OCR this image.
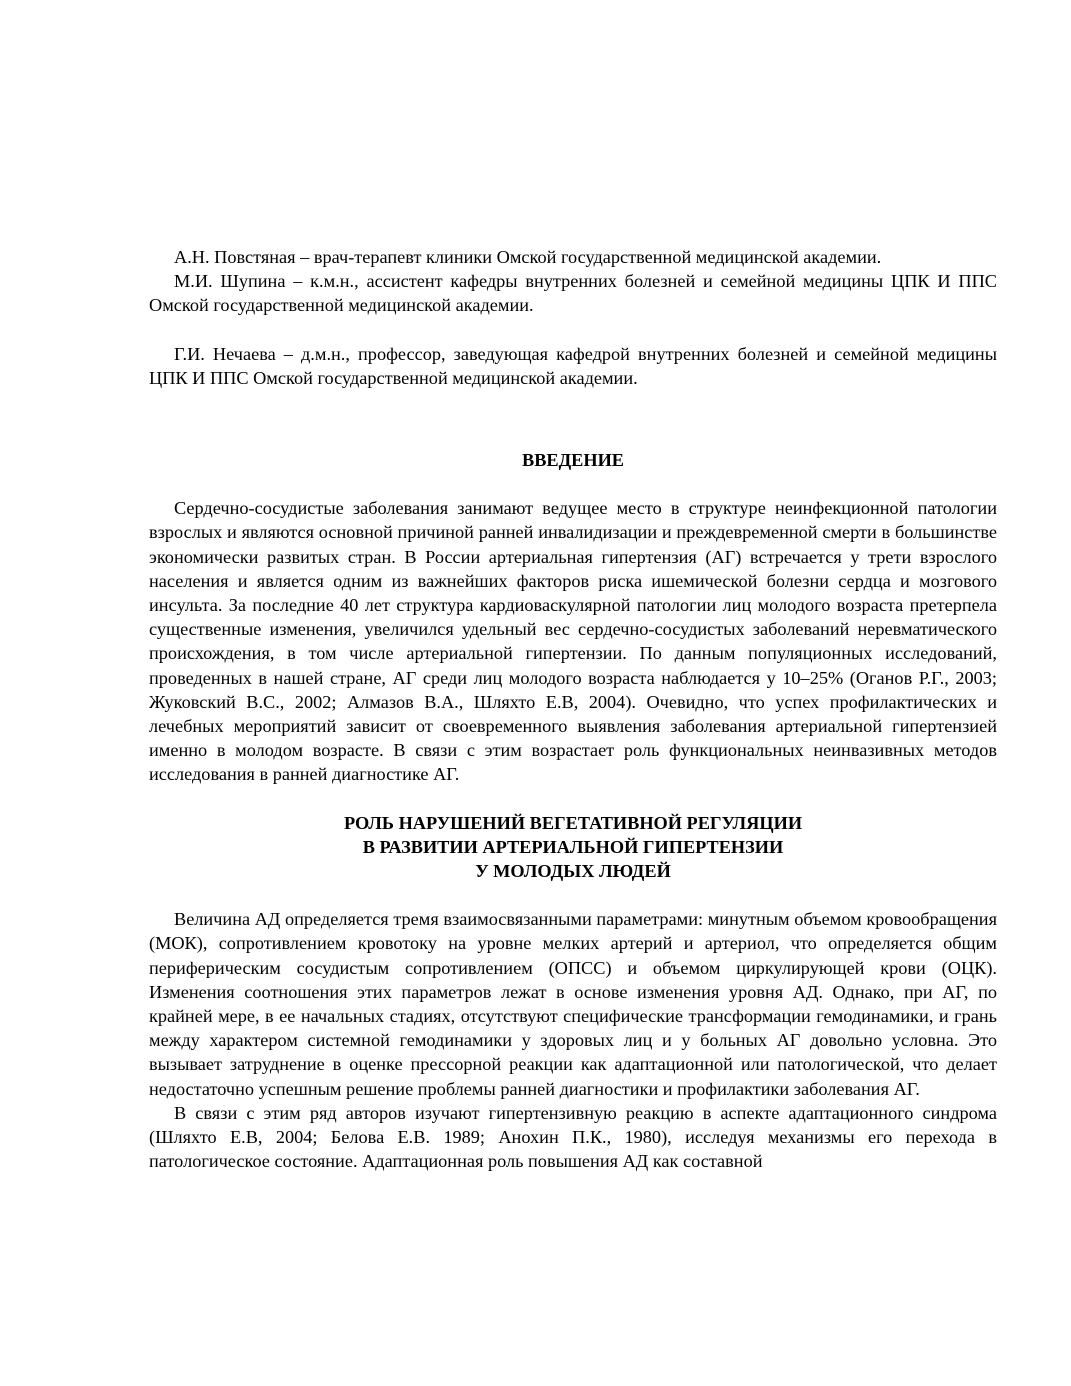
А.Н. Повстяная – врач-терапевт клиники Омской государственной медицинской академии.

М.И. Шупина – к.м.н., ассистент кафедры внутренних болезней и семейной медицины ЦПК И ППС Омской государственной медицинской академии.

Г.И. Нечаева – д.м.н., профессор, заведующая кафедрой внутренних болезней и семейной медицины ЦПК И ППС Омской государственной медицинской академии.

ВВЕДЕНИЕ

Сердечно-сосудистые заболевания занимают ведущее место в структуре неинфекционной патологии взрослых и являются основной причиной ранней инвалидизации и преждевременной смерти в большинстве экономически развитых стран. В России артериальная гипертензия (АГ) встречается у трети взрослого населения и является одним из важнейших факторов риска ишемической болезни сердца и мозгового инсульта. За последние 40 лет структура кардиоваскулярной патологии лиц молодого возраста претерпела существенные изменения, увеличился удельный вес сердечно-сосудистых заболеваний неревматического происхождения, в том числе артериальной гипертензии. По данным популяционных исследований, проведенных в нашей стране, АГ среди лиц молодого возраста наблюдается у 10–25% (Оганов Р.Г., 2003; Жуковский В.С., 2002; Алмазов В.А., Шляхто Е.В, 2004). Очевидно, что успех профилактических и лечебных мероприятий зависит от своевременного выявления заболевания артериальной гипертензией именно в молодом возрасте. В связи с этим возрастает роль функциональных неинвазивных методов исследования в ранней диагностике АГ.

РОЛЬ НАРУШЕНИЙ ВЕГЕТАТИВНОЙ РЕГУЛЯЦИИ
В РАЗВИТИИ АРТЕРИАЛЬНОЙ ГИПЕРТЕНЗИИ
У МОЛОДЫХ ЛЮДЕЙ

Величина АД определяется тремя взаимосвязанными параметрами: минутным объемом кровообращения (МОК), сопротивлением кровотоку на уровне мелких артерий и артериол, что определяется общим периферическим сосудистым сопротивлением (ОПСС) и объемом циркулирующей крови (ОЦК). Изменения соотношения этих параметров лежат в основе изменения уровня АД. Однако, при АГ, по крайней мере, в ее начальных стадиях, отсутствуют специфические трансформации гемодинамики, и грань между характером системной гемодинамики у здоровых лиц и у больных АГ довольно условна. Это вызывает затруднение в оценке прессорной реакции как адаптационной или патологической, что делает недостаточно успешным решение проблемы ранней диагностики и профилактики заболевания АГ.

В связи с этим ряд авторов изучают гипертензивную реакцию в аспекте адаптационного синдрома (Шляхто Е.В, 2004; Белова Е.В. 1989; Анохин П.К., 1980), исследуя механизмы его перехода в патологическое состояние. Адаптационная роль повышения АД как составной
